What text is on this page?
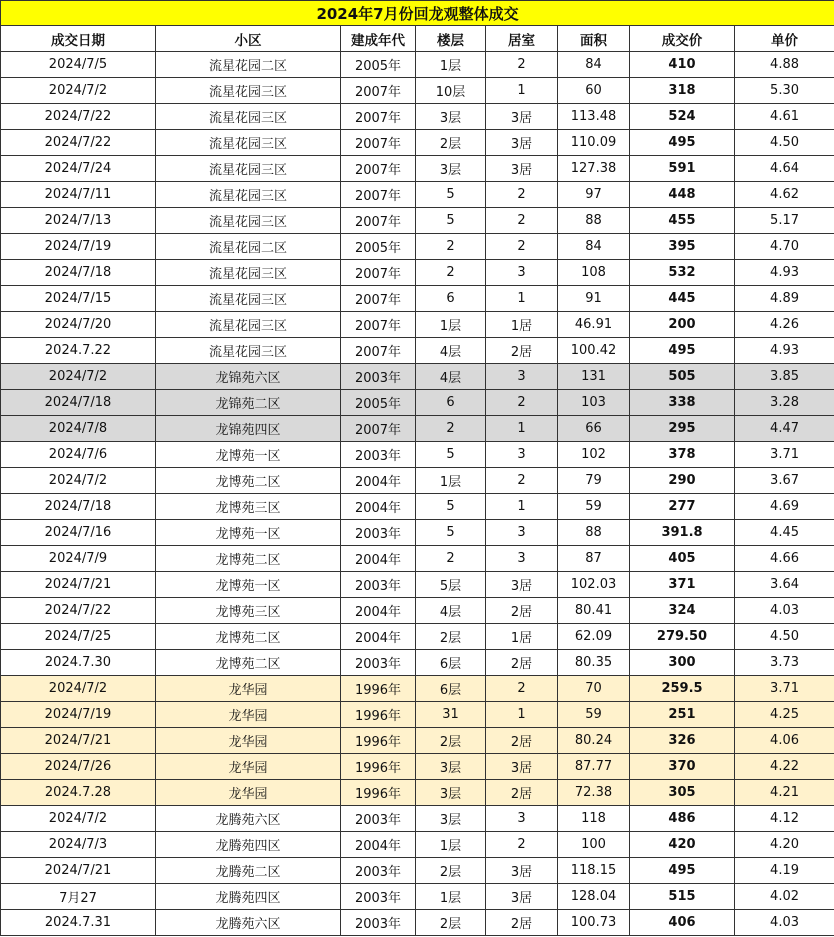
2024年7月份回龙观整体成交							
成交日期	小区	建成年代	楼层	居室	面积	成交价	单价
2024/7/5	流星花园二区	2005年	1层	2	84	410	4.88
2024/7/2	流星花园三区	2007年	10层	1	60	318	5.30
2024/7/22	流星花园三区	2007年	3层	3居	113.48	524	4.61
2024/7/22	流星花园三区	2007年	2层	3居	110.09	495	4.50
2024/7/24	流星花园三区	2007年	3层	3居	127.38	591	4.64
2024/7/11	流星花园三区	2007年	5	2	97	448	4.62
2024/7/13	流星花园三区	2007年	5	2	88	455	5.17
2024/7/19	流星花园二区	2005年	2	2	84	395	4.70
2024/7/18	流星花园三区	2007年	2	3	108	532	4.93
2024/7/15	流星花园三区	2007年	6	1	91	445	4.89
2024/7/20	流星花园三区	2007年	1层	1居	46.91	200	4.26
2024.7.22	流星花园三区	2007年	4层	2居	100.42	495	4.93
2024/7/2	龙锦苑六区	2003年	4层	3	131	505	3.85
2024/7/18	龙锦苑二区	2005年	6	2	103	338	3.28
2024/7/8	龙锦苑四区	2007年	2	1	66	295	4.47
2024/7/6	龙博苑一区	2003年	5	3	102	378	3.71
2024/7/2	龙博苑二区	2004年	1层	2	79	290	3.67
2024/7/18	龙博苑三区	2004年	5	1	59	277	4.69
2024/7/16	龙博苑一区	2003年	5	3	88	391.8	4.45
2024/7/9	龙博苑二区	2004年	2	3	87	405	4.66
2024/7/21	龙博苑一区	2003年	5层	3居	102.03	371	3.64
2024/7/22	龙博苑三区	2004年	4层	2居	80.41	324	4.03
2024/7/25	龙博苑二区	2004年	2层	1居	62.09	279.50	4.50
2024.7.30	龙博苑二区	2003年	6层	2居	80.35	300	3.73
2024/7/2	龙华园	1996年	6层	2	70	259.5	3.71
2024/7/19	龙华园	1996年	31	1	59	251	4.25
2024/7/21	龙华园	1996年	2层	2居	80.24	326	4.06
2024/7/26	龙华园	1996年	3层	3居	87.77	370	4.22
2024.7.28	龙华园	1996年	3层	2居	72.38	305	4.21
2024/7/2	龙腾苑六区	2003年	3层	3	118	486	4.12
2024/7/3	龙腾苑四区	2004年	1层	2	100	420	4.20
2024/7/21	龙腾苑二区	2003年	2层	3居	118.15	495	4.19
7月27	龙腾苑四区	2003年	1层	3居	128.04	515	4.02
2024.7.31	龙腾苑六区	2003年	2层	2居	100.73	406	4.03
